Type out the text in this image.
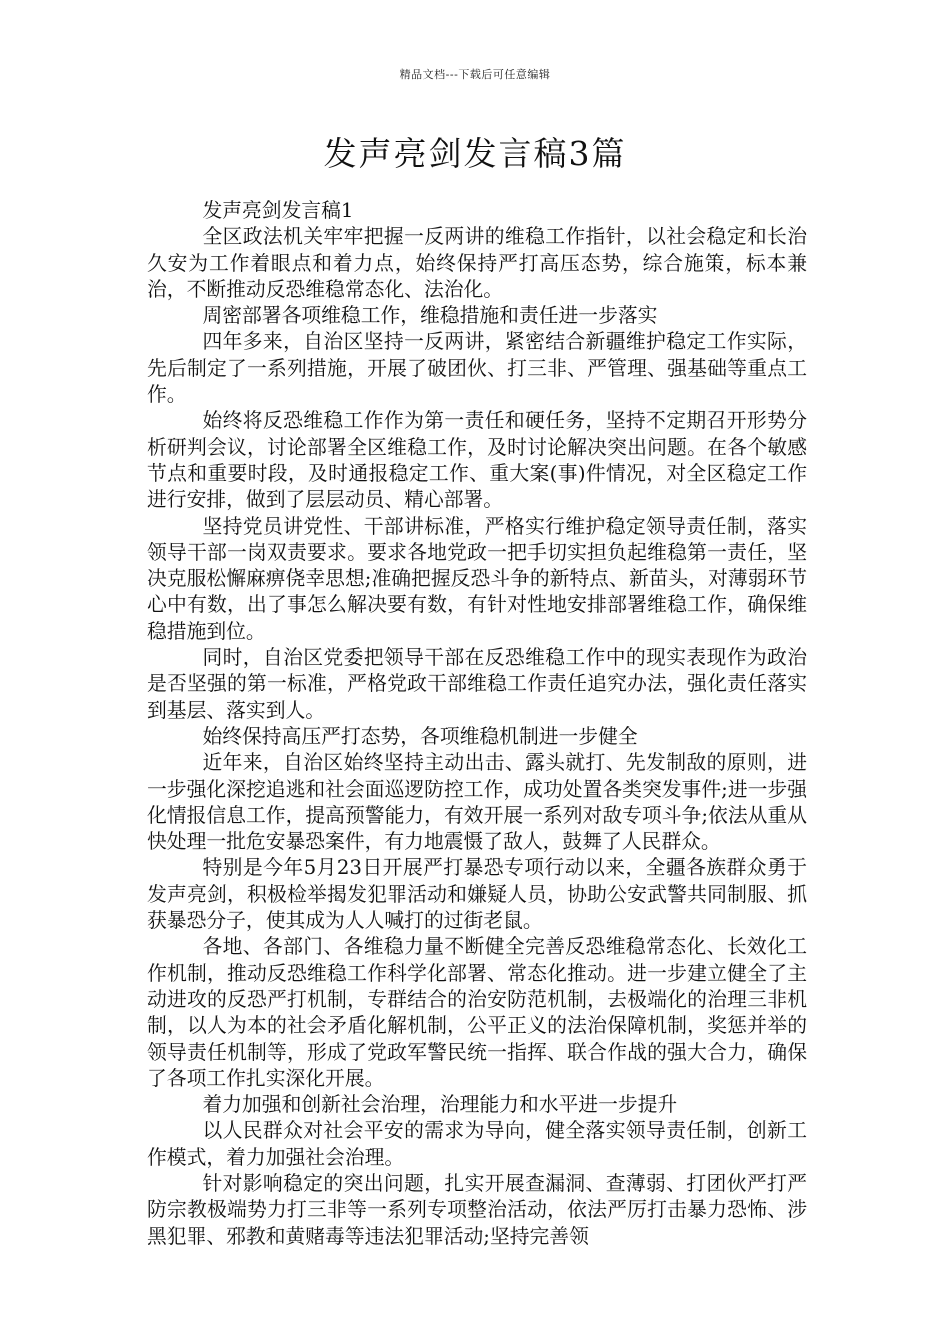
精品文档---下载后可任意编辑
发声亮剑发言稿3篇

发声亮剑发言稿1

全区政法机关牢牢把握一反两讲的维稳工作指针，以社会稳定和长治久安为工作着眼点和着力点，始终保持严打高压态势，综合施策，标本兼治，不断推动反恐维稳常态化、法治化。

周密部署各项维稳工作，维稳措施和责任进一步落实

四年多来，自治区坚持一反两讲，紧密结合新疆维护稳定工作实际，先后制定了一系列措施，开展了破团伙、打三非、严管理、强基础等重点工作。

始终将反恐维稳工作作为第一责任和硬任务，坚持不定期召开形势分析研判会议，讨论部署全区维稳工作，及时讨论解决突出问题。在各个敏感节点和重要时段，及时通报稳定工作、重大案(事)件情况，对全区稳定工作进行安排，做到了层层动员、精心部署。

坚持党员讲党性、干部讲标准，严格实行维护稳定领导责任制，落实领导干部一岗双责要求。要求各地党政一把手切实担负起维稳第一责任，坚决克服松懈麻痹侥幸思想;准确把握反恐斗争的新特点、新苗头，对薄弱环节心中有数，出了事怎么解决要有数，有针对性地安排部署维稳工作，确保维稳措施到位。

同时，自治区党委把领导干部在反恐维稳工作中的现实表现作为政治是否坚强的第一标准，严格党政干部维稳工作责任追究办法，强化责任落实到基层、落实到人。

始终保持高压严打态势，各项维稳机制进一步健全

近年来，自治区始终坚持主动出击、露头就打、先发制敌的原则，进一步强化深挖追逃和社会面巡逻防控工作，成功处置各类突发事件;进一步强化情报信息工作，提高预警能力，有效开展一系列对敌专项斗争;依法从重从快处理一批危安暴恐案件，有力地震慑了敌人，鼓舞了人民群众。

特别是今年5月23日开展严打暴恐专项行动以来，全疆各族群众勇于发声亮剑，积极检举揭发犯罪活动和嫌疑人员，协助公安武警共同制服、抓获暴恐分子，使其成为人人喊打的过街老鼠。

各地、各部门、各维稳力量不断健全完善反恐维稳常态化、长效化工作机制，推动反恐维稳工作科学化部署、常态化推动。进一步建立健全了主动进攻的反恐严打机制，专群结合的治安防范机制，去极端化的治理三非机制，以人为本的社会矛盾化解机制，公平正义的法治保障机制，奖惩并举的领导责任机制等，形成了党政军警民统一指挥、联合作战的强大合力，确保了各项工作扎实深化开展。

着力加强和创新社会治理，治理能力和水平进一步提升

以人民群众对社会平安的需求为导向，健全落实领导责任制，创新工作模式，着力加强社会治理。

针对影响稳定的突出问题，扎实开展查漏洞、查薄弱、打团伙严打严防宗教极端势力打三非等一系列专项整治活动，依法严厉打击暴力恐怖、涉黑犯罪、邪教和黄赌毒等违法犯罪活动;坚持完善领
